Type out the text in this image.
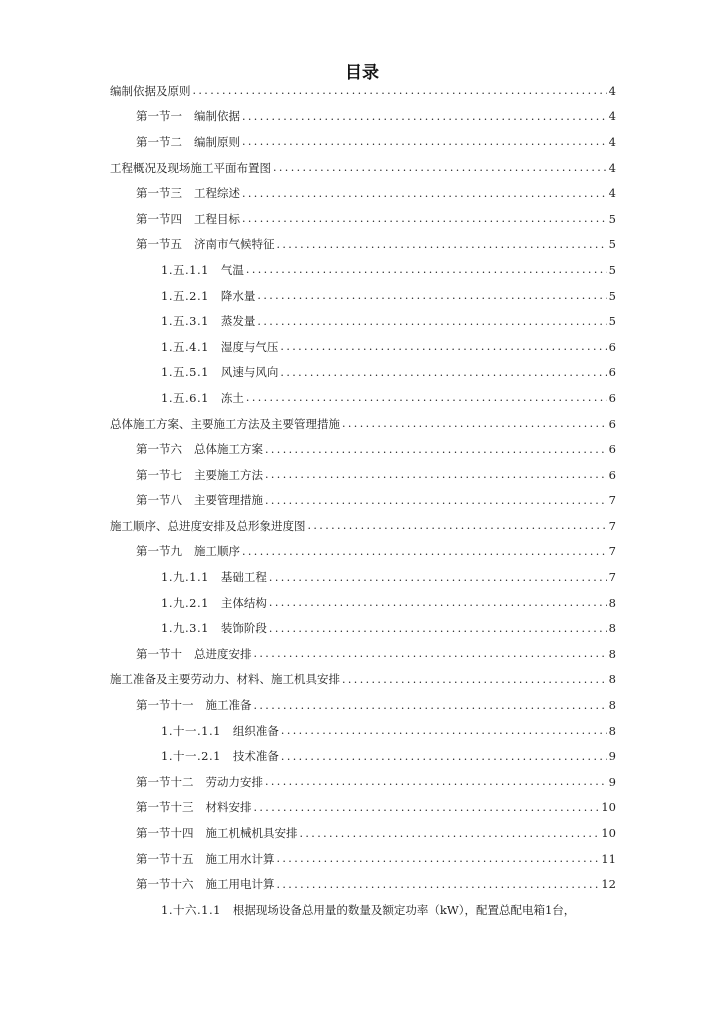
目录
编制依据及原则 .....	4
第一节一 编制依据 .....	4
第一节二 编制原则 .....	4
工程概况及现场施工平面布置图 .....	4
第一节三 工程综述 .....	4
第一节四 工程目标 .....	5
第一节五 济南市气候特征 .....	5
1.五.1.1 气温 .....	5
1.五.2.1 降水量 .....	5
1.五.3.1 蒸发量 .....	5
1.五.4.1 湿度与气压 .....	6
1.五.5.1 风速与风向 .....	6
1.五.6.1 冻土 .....	6
总体施工方案、主要施工方法及主要管理措施 .....	6
第一节六 总体施工方案 .....	6
第一节七 主要施工方法 .....	6
第一节八 主要管理措施 .....	7
施工顺序、总进度安排及总形象进度图 .....	7
第一节九 施工顺序 .....	7
1.九.1.1 基础工程 .....	7
1.九.2.1 主体结构 .....	8
1.九.3.1 装饰阶段 .....	8
第一节十 总进度安排 .....	8
施工准备及主要劳动力、材料、施工机具安排 .....	8
第一节十一 施工准备 .....	8
1.十一.1.1 组织准备 .....	8
1.十一.2.1 技术准备 .....	9
第一节十二 劳动力安排 .....	9
第一节十三 材料安排 .....	10
第一节十四 施工机械机具安排 .....	10
第一节十五 施工用水计算 .....	11
第一节十六 施工用电计算 .....	12
1.十六.1.1 根据现场设备总用量的数量及额定功率（kW），配置总配电箱1台，
